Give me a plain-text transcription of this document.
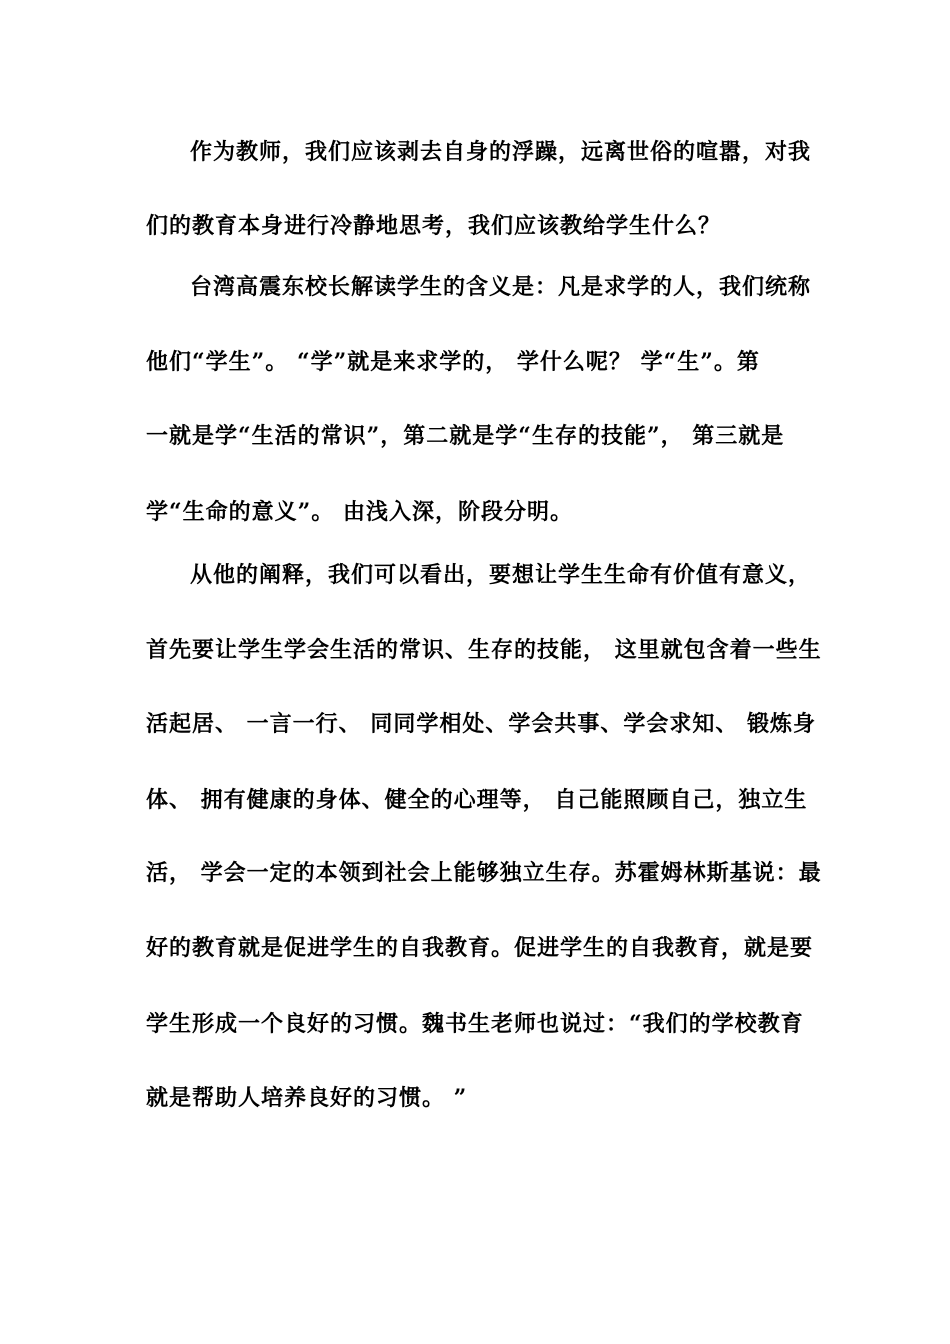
作为教师，我们应该剥去自身的浮躁，远离世俗的喧嚣，对我
们的教育本身进行冷静地思考，我们应该教给学生什么？
台湾高震东校长解读学生的含义是：凡是求学的人，我们统称
他们“学生”。 “学”就是来求学的， 学什么呢？ 学“生”。第
一就是学“生活的常识”，第二就是学“生存的技能”， 第三就是
学“生命的意义”。 由浅入深，阶段分明。
从他的阐释，我们可以看出，要想让学生生命有价值有意义，
首先要让学生学会生活的常识、生存的技能， 这里就包含着一些生
活起居、 一言一行、 同同学相处、学会共事、学会求知、 锻炼身
体、 拥有健康的身体、健全的心理等， 自己能照顾自己，独立生
活， 学会一定的本领到社会上能够独立生存。苏霍姆林斯基说：最
好的教育就是促进学生的自我教育。促进学生的自我教育，就是要
学生形成一个良好的习惯。魏书生老师也说过：“我们的学校教育
就是帮助人培养良好的习惯。 ”
